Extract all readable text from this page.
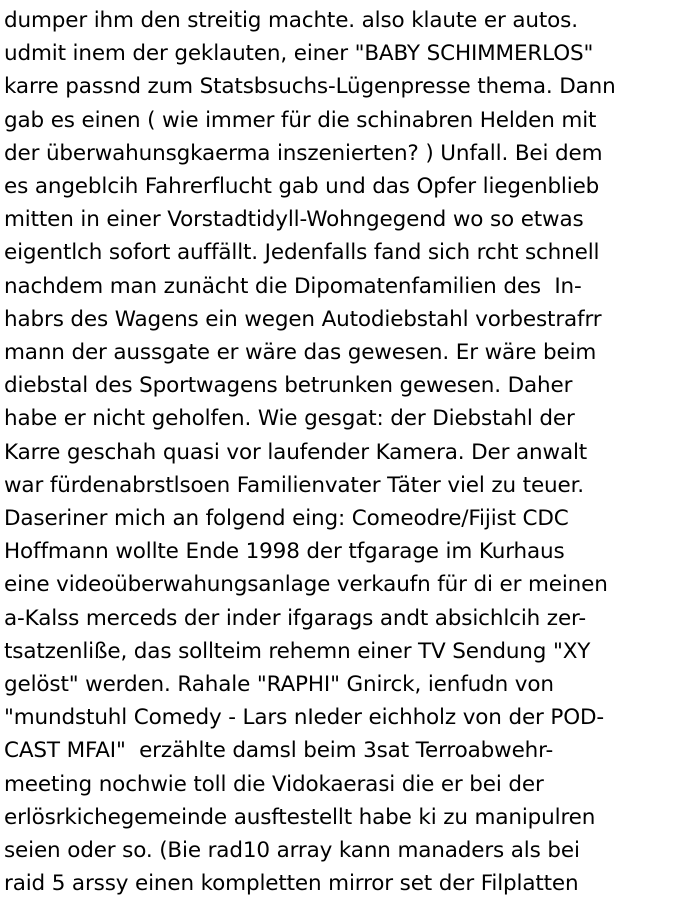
dumper ihm den streitig machte. also klaute er autos.
udmit inem der geklauten, einer "BABY SCHIMMERLOS"
karre passnd zum Statsbsuchs-Lügenpresse thema. Dann
gab es einen ( wie immer für die schinabren Helden mit
der überwahunsgkaerma inszenierten? ) Unfall. Bei dem
es angeblcih Fahrerflucht gab und das Opfer liegenblieb
mitten in einer Vorstadtidyll-Wohngegend wo so etwas
eigentlch sofort auffällt. Jedenfalls fand sich rcht schnell
nachdem man zunächt die Dipomatenfamilien des  In-
habrs des Wagens ein wegen Autodiebstahl vorbestrafrr
mann der aussgate er wäre das gewesen. Er wäre beim
diebstal des Sportwagens betrunken gewesen. Daher
habe er nicht geholfen. Wie gesgat: der Diebstahl der
Karre geschah quasi vor laufender Kamera. Der anwalt
war fürdenabrstlsoen Familienvater Täter viel zu teuer.
Daseriner mich an folgend eing: Comeodre/Fijist CDC
Hoffmann wollte Ende 1998 der tfgarage im Kurhaus
eine videoüberwahungsanlage verkaufn für di er meinen
a-Kalss merceds der inder ifgarags andt absichlcih zer-
tsatzenliße, das sollteim rehemn einer TV Sendung "XY
gelöst" werden. Rahale "RAPHI" Gnirck, ienfudn von
"mundstuhl Comedy - Lars nIeder eichholz von der POD-
CAST MFAI"  erzählte damsl beim 3sat Terroabwehr-
meeting nochwie toll die Vidokaerasi die er bei der
erlösrkichegemeinde ausftestellt habe ki zu manipulren
seien oder so. (Bie rad10 array kann manaders als bei
raid 5 arssy einen kompletten mirror set der Filplatten
